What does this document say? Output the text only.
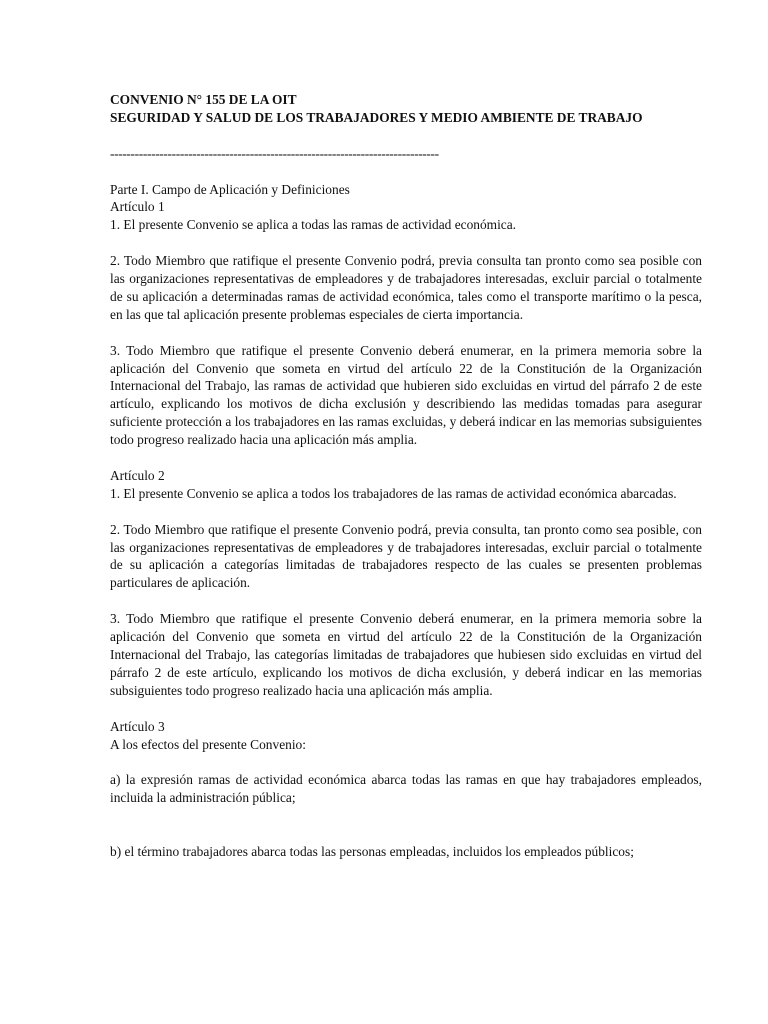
CONVENIO N° 155 DE LA OIT
SEGURIDAD Y SALUD DE LOS TRABAJADORES Y MEDIO AMBIENTE DE TRABAJO

--------------------------------------------------------------------------------

Parte I. Campo de Aplicación y Definiciones

Artículo 1

1. El presente Convenio se aplica a todas las ramas de actividad económica.

2. Todo Miembro que ratifique el presente Convenio podrá, previa consulta tan pronto como sea posible con las organizaciones representativas de empleadores y de trabajadores interesadas, excluir parcial o totalmente de su aplicación a determinadas ramas de actividad económica, tales como el transporte marítimo o la pesca, en las que tal aplicación presente problemas especiales de cierta importancia.

3. Todo Miembro que ratifique el presente Convenio deberá enumerar, en la primera memoria sobre la aplicación del Convenio que someta en virtud del artículo 22 de la Constitución de la Organización Internacional del Trabajo, las ramas de actividad que hubieren sido excluidas en virtud del párrafo 2 de este artículo, explicando los motivos de dicha exclusión y describiendo las medidas tomadas para asegurar suficiente protección a los trabajadores en las ramas excluidas, y deberá indicar en las memorias subsiguientes todo progreso realizado hacia una aplicación más amplia.

Artículo 2

1. El presente Convenio se aplica a todos los trabajadores de las ramas de actividad económica abarcadas.

2. Todo Miembro que ratifique el presente Convenio podrá, previa consulta, tan pronto como sea posible, con las organizaciones representativas de empleadores y de trabajadores interesadas, excluir parcial o totalmente de su aplicación a categorías limitadas de trabajadores respecto de las cuales se presenten problemas particulares de aplicación.

3. Todo Miembro que ratifique el presente Convenio deberá enumerar, en la primera memoria sobre la aplicación del Convenio que someta en virtud del artículo 22 de la Constitución de la Organización Internacional del Trabajo, las categorías limitadas de trabajadores que hubiesen sido excluidas en virtud del párrafo 2 de este artículo, explicando los motivos de dicha exclusión, y deberá indicar en las memorias subsiguientes todo progreso realizado hacia una aplicación más amplia.

Artículo 3

A los efectos del presente Convenio:

a) la expresión ramas de actividad económica abarca todas las ramas en que hay trabajadores empleados, incluida la administración pública;

b) el término trabajadores abarca todas las personas empleadas, incluidos los empleados públicos;
